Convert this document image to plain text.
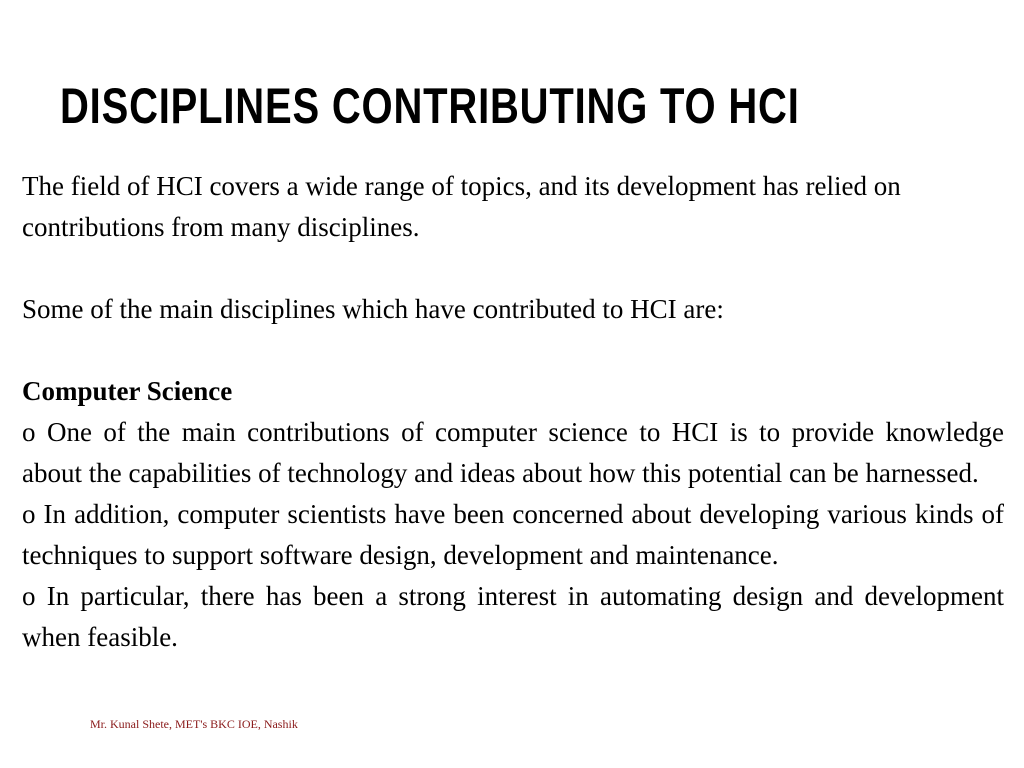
DISCIPLINES CONTRIBUTING TO HCI

The field of HCI covers a wide range of topics, and its development has relied on contributions from many disciplines.

Some of the main disciplines which have contributed to HCI are:

Computer Science

o One of the main contributions of computer science to HCI is to provide knowledge about the capabilities of technology and ideas about how this potential can be harnessed.

o In addition, computer scientists have been concerned about developing various kinds of techniques to support software design, development and maintenance.

o In particular, there has been a strong interest in automating design and development when feasible.

Mr. Kunal Shete, MET's BKC IOE, Nashik
